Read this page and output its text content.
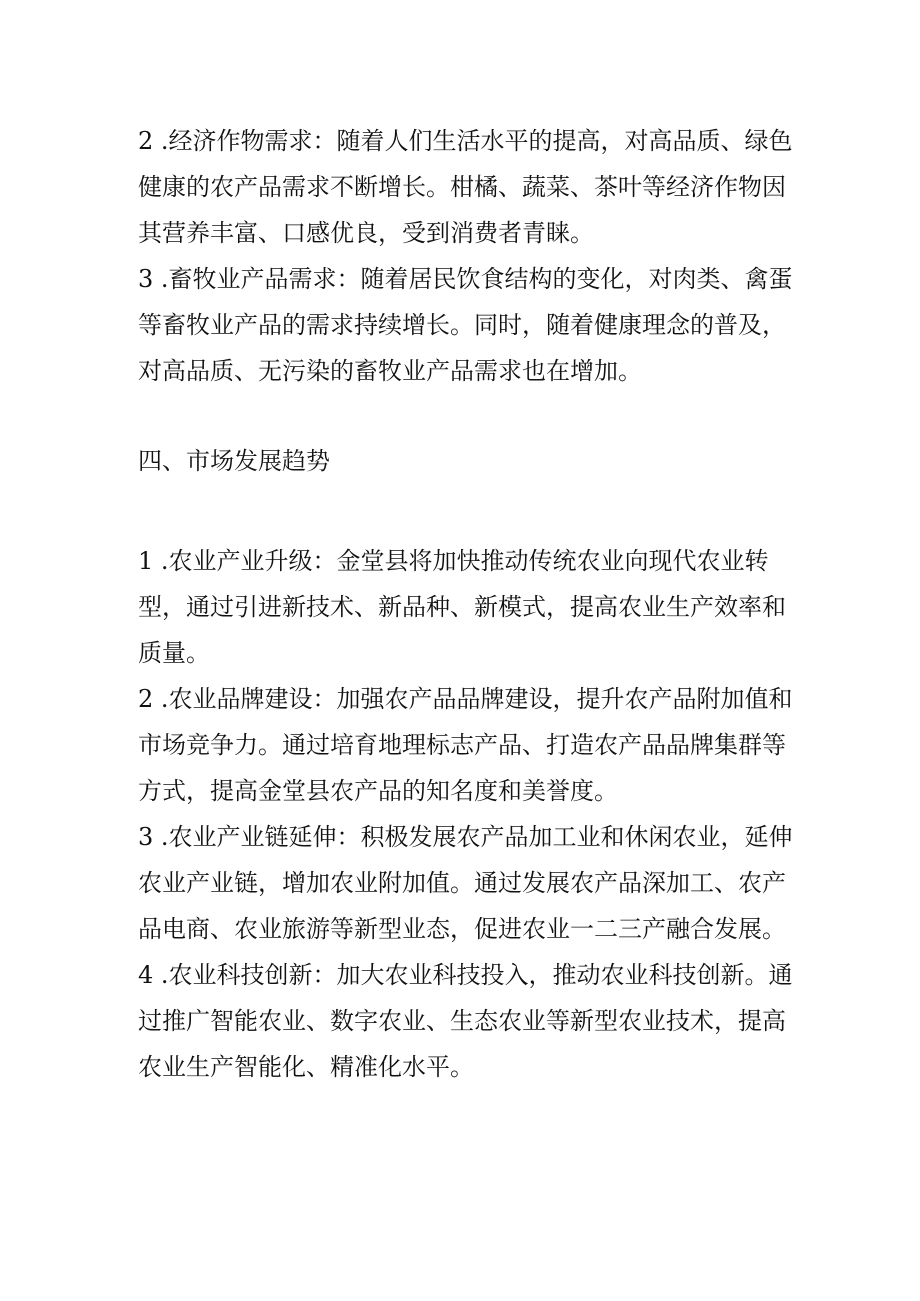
2 .经济作物需求：随着人们生活水平的提高，对高品质、绿色
健康的农产品需求不断增长。柑橘、蔬菜、茶叶等经济作物因
其营养丰富、口感优良，受到消费者青睐。
3 .畜牧业产品需求：随着居民饮食结构的变化，对肉类、禽蛋
等畜牧业产品的需求持续增长。同时，随着健康理念的普及，
对高品质、无污染的畜牧业产品需求也在增加。
四、市场发展趋势
1 .农业产业升级：金堂县将加快推动传统农业向现代农业转
型，通过引进新技术、新品种、新模式，提高农业生产效率和
质量。
2 .农业品牌建设：加强农产品品牌建设，提升农产品附加值和
市场竞争力。通过培育地理标志产品、打造农产品品牌集群等
方式，提高金堂县农产品的知名度和美誉度。
3 .农业产业链延伸：积极发展农产品加工业和休闲农业，延伸
农业产业链，增加农业附加值。通过发展农产品深加工、农产
品电商、农业旅游等新型业态，促进农业一二三产融合发展。
4 .农业科技创新：加大农业科技投入，推动农业科技创新。通
过推广智能农业、数字农业、生态农业等新型农业技术，提高
农业生产智能化、精准化水平。
